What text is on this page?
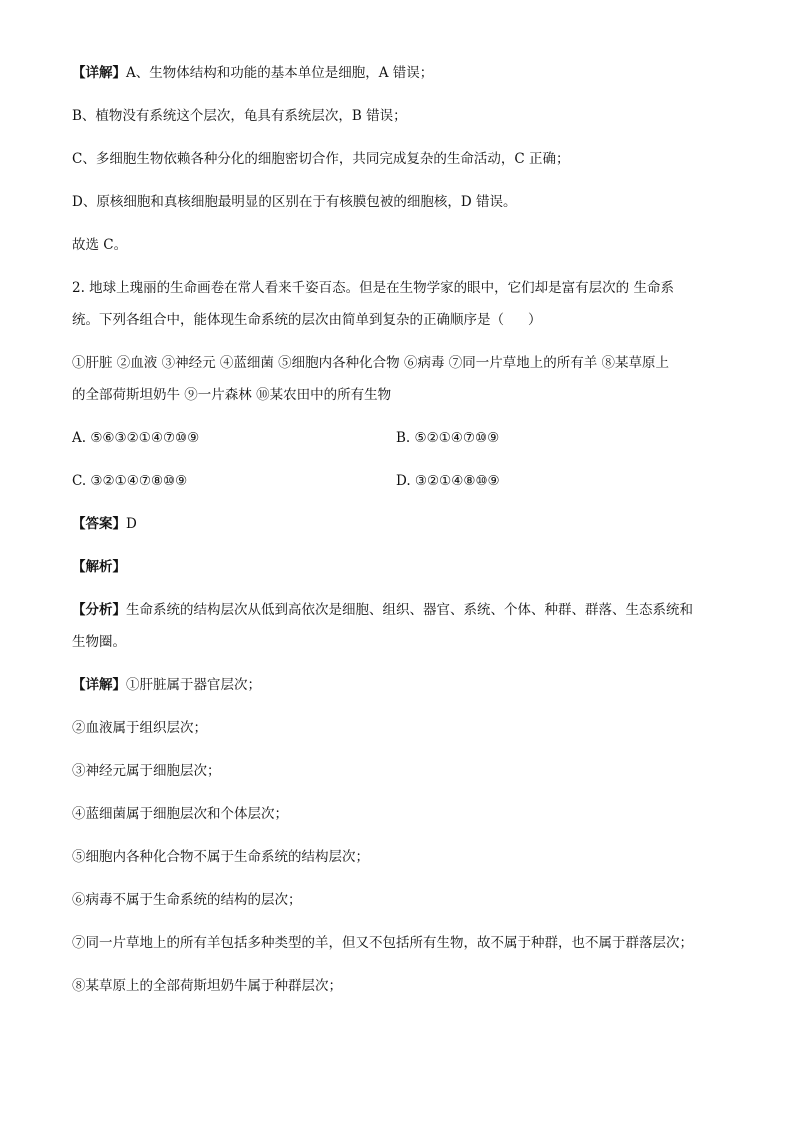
【详解】A、生物体结构和功能的基本单位是细胞，A 错误；
B、植物没有系统这个层次，龟具有系统层次，B 错误；
C、多细胞生物依赖各种分化的细胞密切合作，共同完成复杂的生命活动，C 正确；
D、原核细胞和真核细胞最明显的区别在于有核膜包被的细胞核，D 错误。
故选 C。
2. 地球上瑰丽的生命画卷在常人看来千姿百态。但是在生物学家的眼中，它们却是富有层次的 生命系
统。下列各组合中，能体现生命系统的层次由简单到复杂的正确顺序是（ ）
①肝脏 ②血液 ③神经元 ④蓝细菌 ⑤细胞内各种化合物 ⑥病毒 ⑦同一片草地上的所有羊 ⑧某草原上
的全部荷斯坦奶牛 ⑨一片森林 ⑩某农田中的所有生物
A. ⑤⑥③②①④⑦⑩⑨	B. ⑤②①④⑦⑩⑨
C. ③②①④⑦⑧⑩⑨	D. ③②①④⑧⑩⑨
【答案】D
【解析】
【分析】生命系统的结构层次从低到高依次是细胞、组织、器官、系统、个体、种群、群落、生态系统和
生物圈。
【详解】①肝脏属于器官层次；
②血液属于组织层次；
③神经元属于细胞层次；
④蓝细菌属于细胞层次和个体层次；
⑤细胞内各种化合物不属于生命系统的结构层次；
⑥病毒不属于生命系统的结构的层次；
⑦同一片草地上的所有羊包括多种类型的羊，但又不包括所有生物，故不属于种群，也不属于群落层次；
⑧某草原上的全部荷斯坦奶牛属于种群层次；
